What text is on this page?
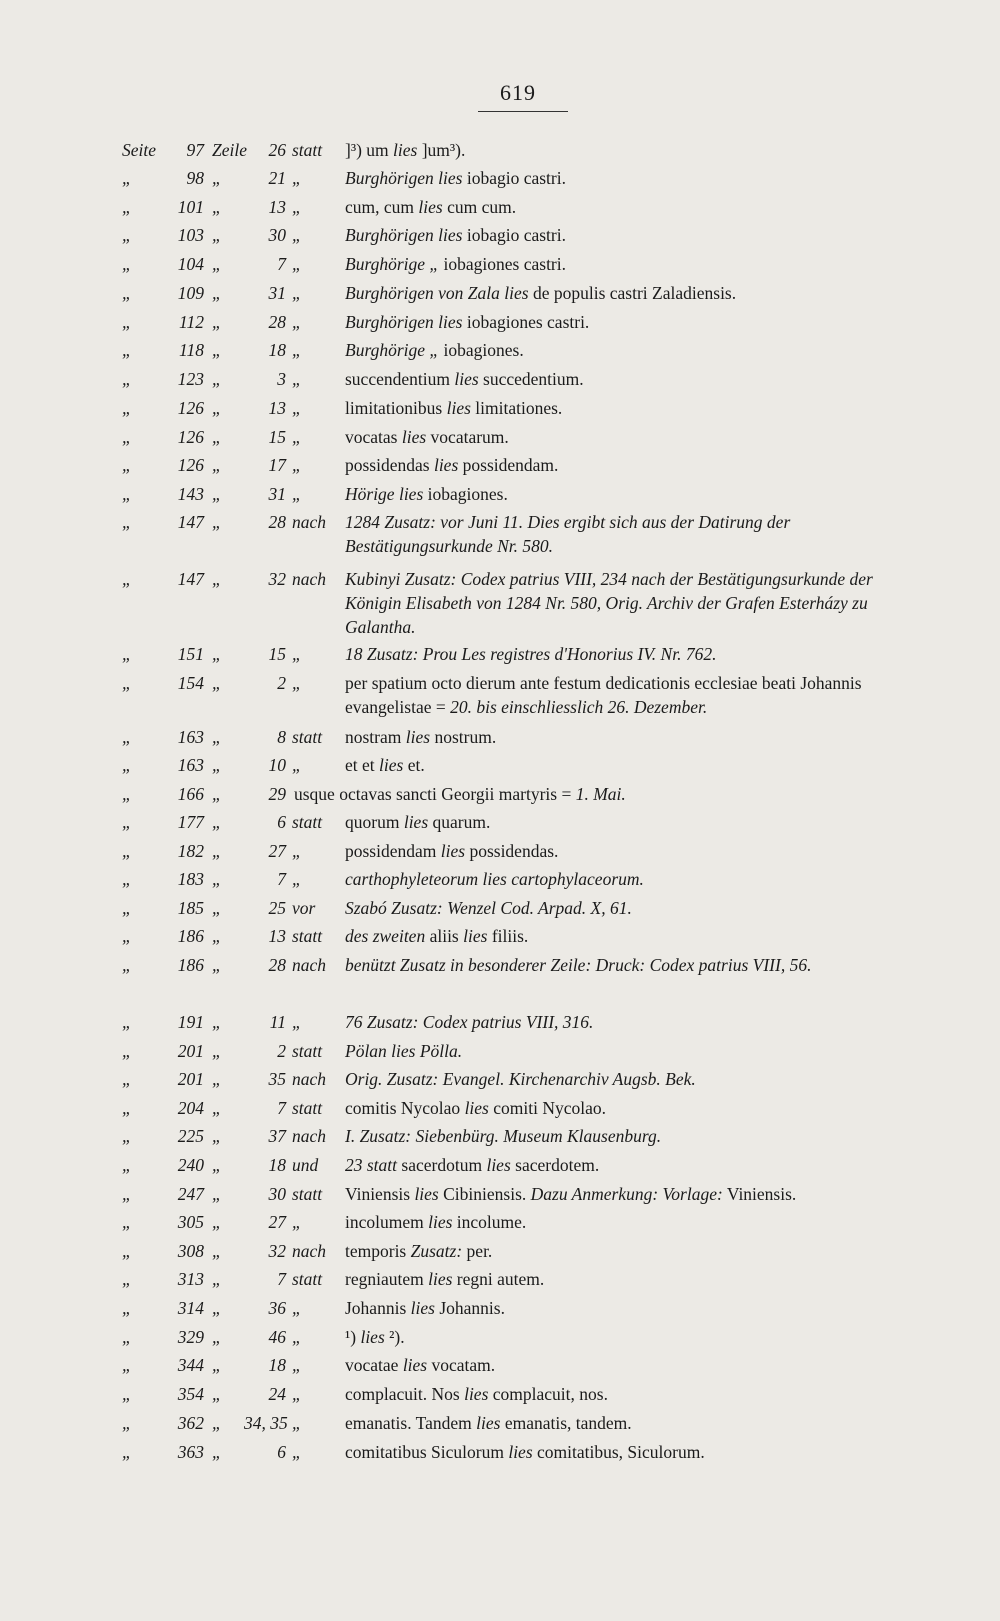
619
Seite	97 Zeile	26 statt	]³) um lies ]um³).
„	98 „	21 „	Burghörigen lies iobagio castri.
„	101 „	13 „	cum, cum lies cum cum.
„	103 „	30 „	Burghörigen lies iobagio castri.
„	104 „	7 „	Burghörige „ iobagiones castri.
„	109 „	31 „	Burghörigen von Zala lies de populis castri Zaladiensis.
„	112 „	28 „	Burghörigen lies iobagiones castri.
„	118 „	18 „	Burghörige „ iobagiones.
„	123 „	3 „	succendentium lies succedentium.
„	126 „	13 „	limitationibus lies limitationes.
„	126 „	15 „	vocatas lies vocatarum.
„	126 „	17 „	possidendas lies possidendam.
„	143 „	31 „	Hörige lies iobagiones.
„	147 „	28 nach	1284 Zusatz: vor Juni 11. Dies ergibt sich aus der Datirung der Bestätigungsurkunde Nr. 580.
„	147 „	32 nach	Kubinyi Zusatz: Codex patrius VIII, 234 nach der Bestätigungsurkunde der Königin Elisabeth von 1284 Nr. 580, Orig. Archiv der Grafen Esterházy zu Galantha.
„	151 „	15 „	18 Zusatz: Prou Les registres d'Honorius IV. Nr. 762.
„	154 „	2 „	per spatium octo dierum ante festum dedicationis ecclesiae beati Johannis evangelistae = 20. bis einschliesslich 26. Dezember.
„	163 „	8 statt	nostram lies nostrum.
„	163 „	10 „	et et lies et.
„	166 „	29 usque octavas sancti Georgii martyris = 1. Mai.
„	177 „	6 statt	quorum lies quarum.
„	182 „	27 „	possidendam lies possidendas.
„	183 „	7 „	carthophyleteorum lies cartophylaceorum.
„	185 „	25 vor	Szabó Zusatz: Wenzel Cod. Arpad. X, 61.
„	186 „	13 statt	des zweiten aliis lies filiis.
„	186 „	28 nach	benützt Zusatz in besonderer Zeile: Druck: Codex patrius VIII, 56.
„	191 „	11 „	76 Zusatz: Codex patrius VIII, 316.
„	201 „	2 statt	Pölan lies Pölla.
„	201 „	35 nach	Orig. Zusatz: Evangel. Kirchenarchiv Augsb. Bek.
„	204 „	7 statt	comitis Nycolao lies comiti Nycolao.
„	225 „	37 nach	I. Zusatz: Siebenbürg. Museum Klausenburg.
„	240 „	18 und	23 statt sacerdotum lies sacerdotem.
„	247 „	30 statt	Viniensis lies Cibiniensis. Dazu Anmerkung: Vorlage: Viniensis.
„	305 „	27 „	incolumem lies incolume.
„	308 „	32 nach	temporis Zusatz: per.
„	313 „	7 statt	regniautem lies regni autem.
„	314 „	36 „	Johannis lies Johannis.
„	329 „	46 „	¹) lies ²).
„	344 „	18 „	vocatae lies vocatam.
„	354 „	24 „	complacuit. Nos lies complacuit, nos.
„	362 „	34, 35 „	emanatis. Tandem lies emanatis, tandem.
„	363 „	6 „	comitatibus Siculorum lies comitatibus, Siculorum.
